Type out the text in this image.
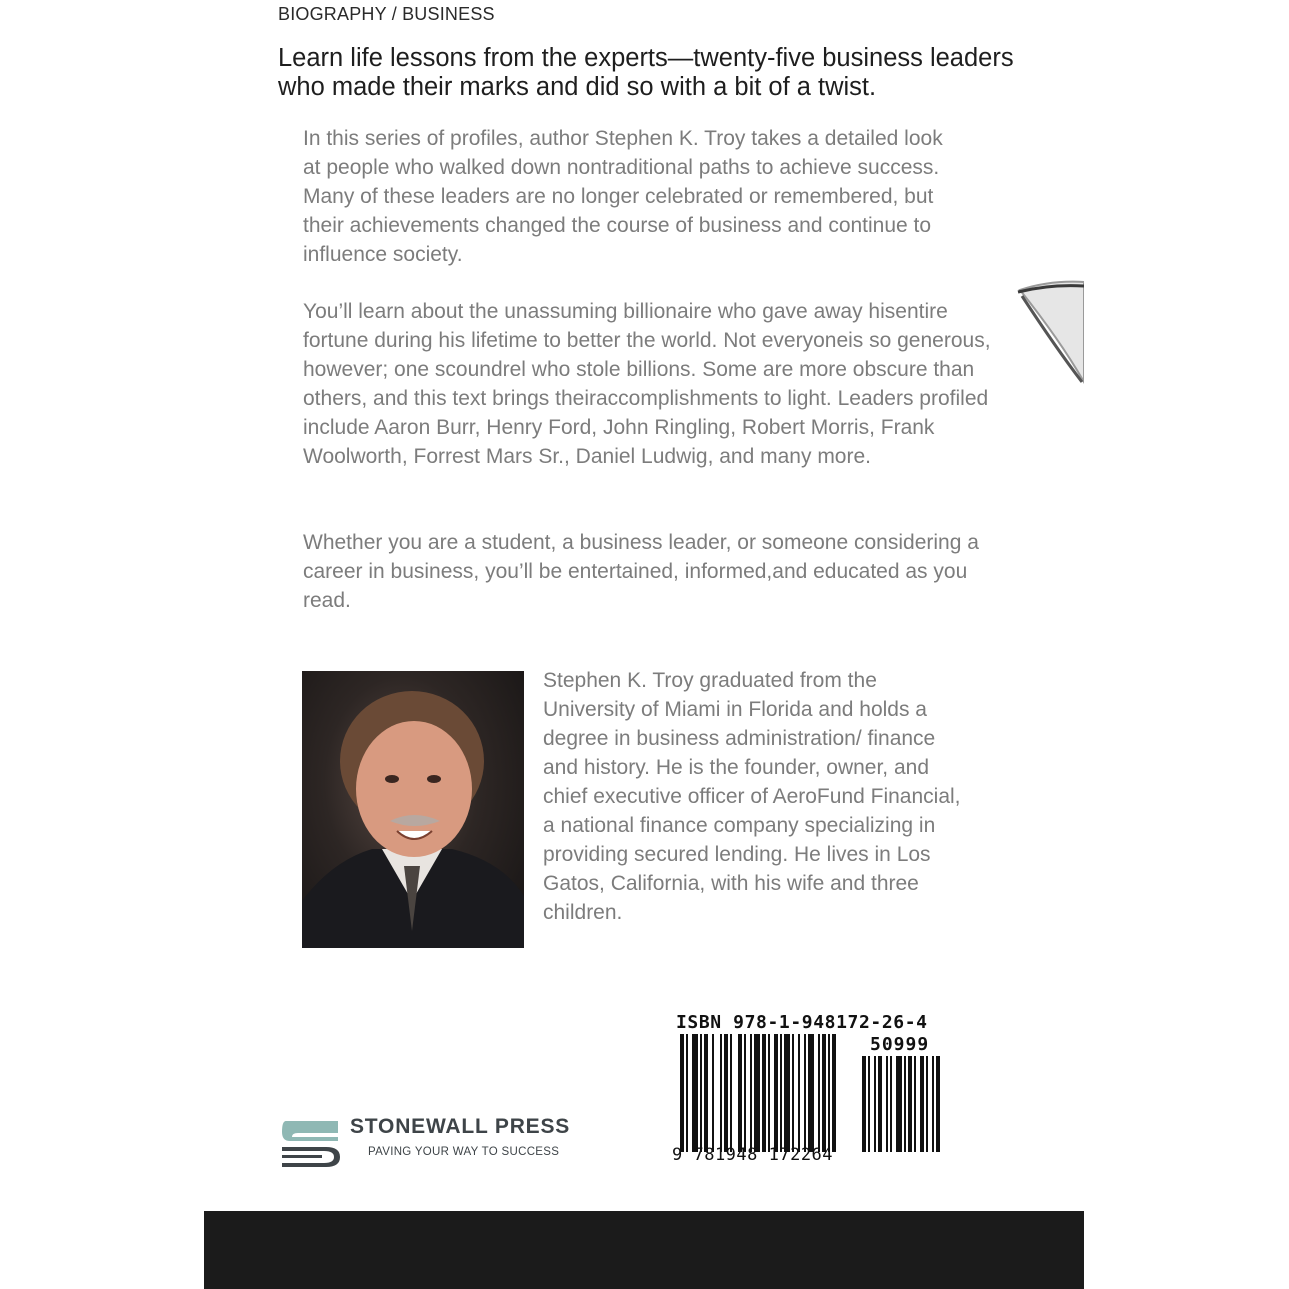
BIOGRAPHY / BUSINESS
Learn life lessons from the experts—twenty-five business leaders who made their marks and did so with a bit of a twist.

In this series of profiles, author Stephen K. Troy takes a detailed look at people who walked down nontraditional paths to achieve success. Many of these leaders are no longer celebrated or remembered, but their achievements changed the course of business and continue to influence society.

You’ll learn about the unassuming billionaire who gave away hisentire fortune during his lifetime to better the world. Not everyoneis so generous, however; one scoundrel who stole billions. Some are more obscure than others, and this text brings theiraccomplishments to light. Leaders profiled include Aaron Burr, Henry Ford, John Ringling, Robert Morris, Frank Woolworth, Forrest Mars Sr., Daniel Ludwig, and many more.

Whether you are a student, a business leader, or someone considering a career in business, you’ll be entertained, informed,and educated as you read.

Stephen K. Troy graduated from the University of Miami in Florida and holds a degree in business administration/ finance and history. He is the founder, owner, and chief executive officer of AeroFund Financial, a national finance company specializing in providing secured lending. He lives in Los Gatos, California, with his wife and three children.

ISBN 978-1-948172-26-4
50999
9 781948 172264
STONEWALL PRESS
PAVING YOUR WAY TO SUCCESS
